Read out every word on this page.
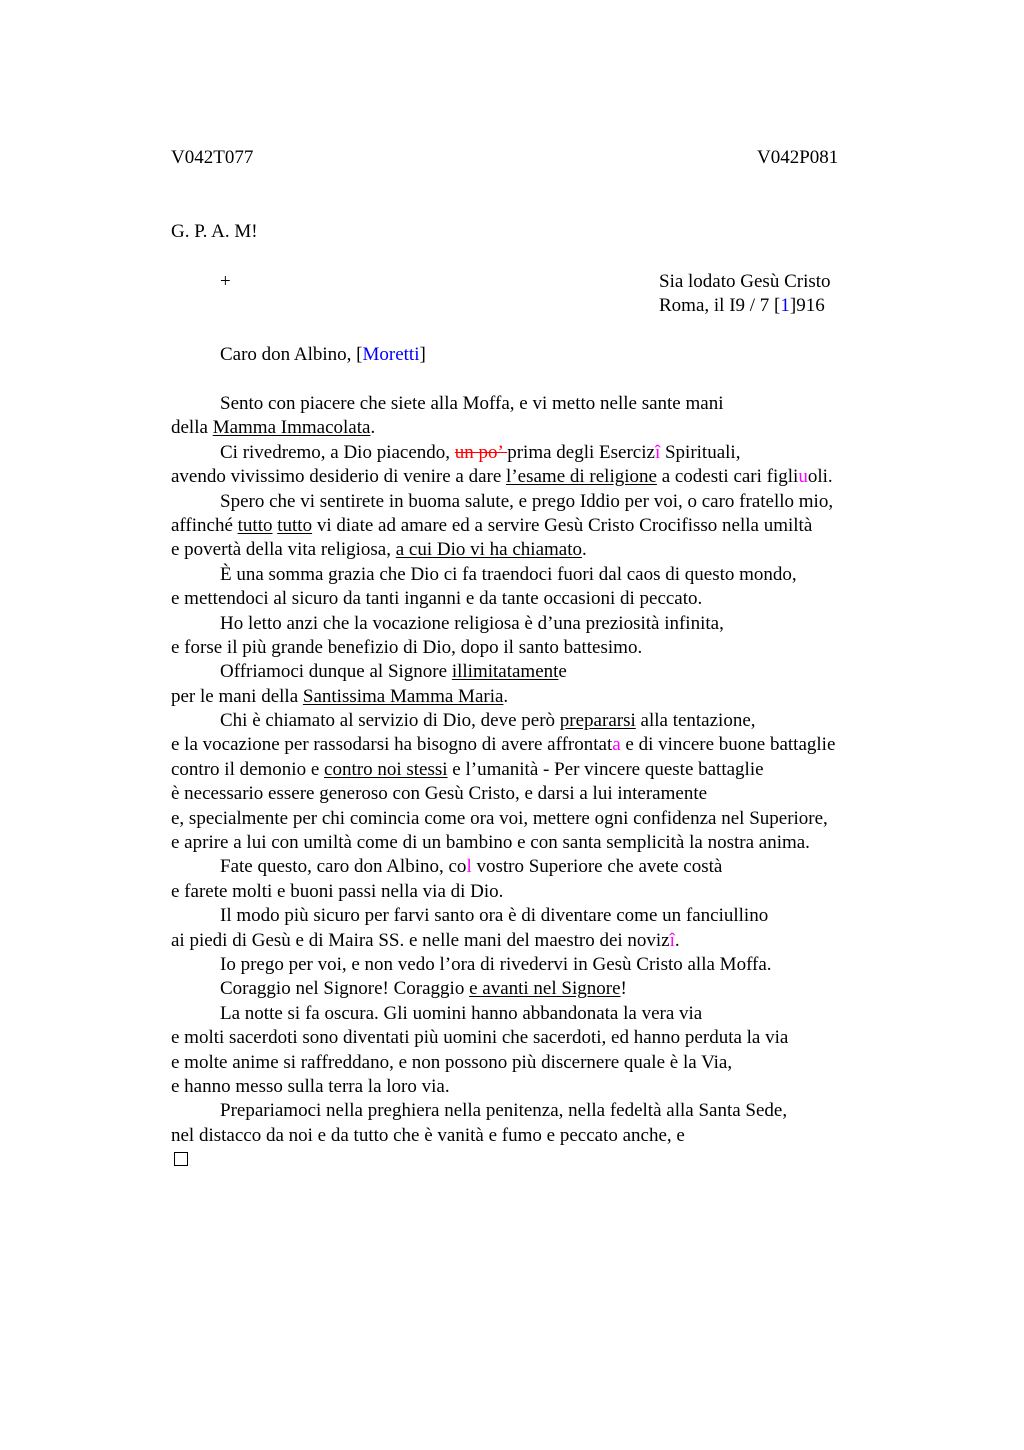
V042T077	V042P081
G. P. A. M!
+	Sia lodato Gesù Cristo
Roma, il I9 / 7 [1]916
Caro don Albino, [Moretti]
Sento con piacere che siete alla Moffa, e vi metto nelle sante mani
della Mamma Immacolata.
Ci rivedremo, a Dio piacendo, un po’ prima degli Esercizî Spirituali,
avendo vivissimo desiderio di venire a dare l’esame di religione a codesti cari figliuoli.
Spero che vi sentirete in buoma salute, e prego Iddio per voi, o caro fratello mio,
affinché tutto tutto vi diate ad amare ed a servire Gesù Cristo Crocifisso nella umiltà
e povertà della vita religiosa, a cui Dio vi ha chiamato.
È una somma grazia che Dio ci fa traendoci fuori dal caos di questo mondo,
e mettendoci al sicuro da tanti inganni e da tante occasioni di peccato.
Ho letto anzi che la vocazione religiosa è d’una preziosità infinita,
e forse il più grande benefizio di Dio, dopo il santo battesimo.
Offriamoci dunque al Signore illimitatamente
per le mani della Santissima Mamma Maria.
Chi è chiamato al servizio di Dio, deve però prepararsi alla tentazione,
e la vocazione per rassodarsi ha bisogno di avere affrontata e di vincere buone battaglie
contro il demonio e contro noi stessi e l’umanità - Per vincere queste battaglie
è necessario essere generoso con Gesù Cristo, e darsi a lui interamente
e, specialmente per chi comincia come ora voi, mettere ogni confidenza nel Superiore,
e aprire a lui con umiltà come di un bambino e con santa semplicità la nostra anima.
Fate questo, caro don Albino, col vostro Superiore che avete costà
e farete molti e buoni passi nella via di Dio.
Il modo più sicuro per farvi santo ora è di diventare come un fanciullino
ai piedi di Gesù e di Maira SS. e nelle mani del maestro dei novizî.
Io prego per voi, e non vedo l’ora di rivedervi in Gesù Cristo alla Moffa.
Coraggio nel Signore! Coraggio e avanti nel Signore!
La notte si fa oscura. Gli uomini hanno abbandonata la vera via
e molti sacerdoti sono diventati più uomini che sacerdoti, ed hanno perduta la via
e molte anime si raffreddano, e non possono più discernere quale è la Via,
e hanno messo sulla terra la loro via.
Prepariamoci nella preghiera nella penitenza, nella fedeltà alla Santa Sede,
nel distacco da noi e da tutto che è vanità e fumo e peccato anche, e
